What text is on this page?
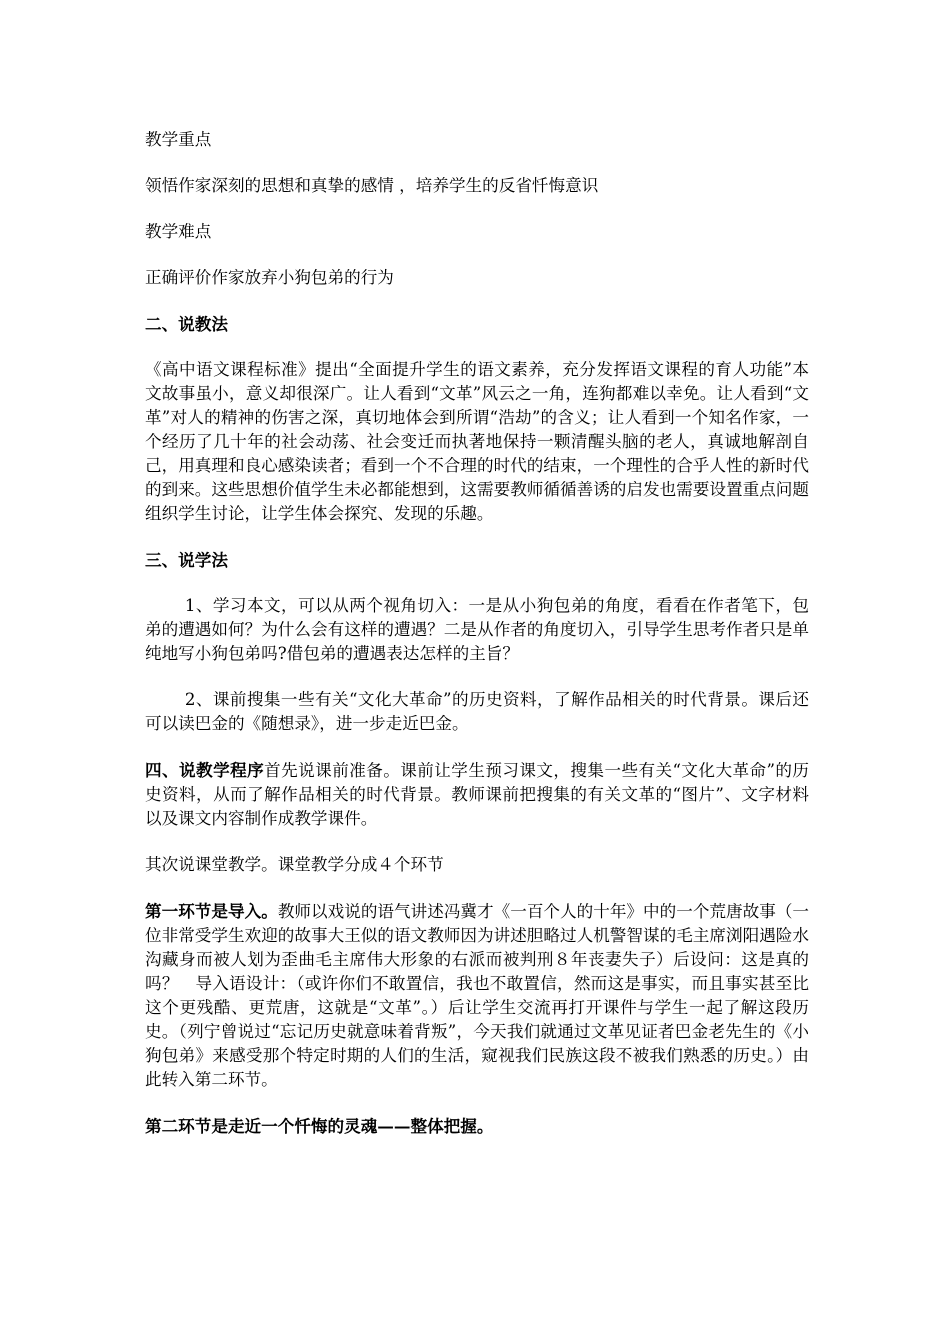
教学重点

领悟作家深刻的思想和真挚的感情 ，培养学生的反省忏悔意识

教学难点

正确评价作家放弃小狗包弟的行为

二、说教法

《高中语文课程标准》提出“全面提升学生的语文素养，充分发挥语文课程的育人功能”本文故事虽小，意义却很深广。让人看到“文革”风云之一角，连狗都难以幸免。让人看到“文革”对人的精神的伤害之深，真切地体会到所谓“浩劫”的含义；让人看到一个知名作家，一个经历了几十年的社会动荡、社会变迁而执著地保持一颗清醒头脑的老人，真诚地解剖自己，用真理和良心感染读者；看到一个不合理的时代的结束，一个理性的合乎人性的新时代的到来。这些思想价值学生未必都能想到，这需要教师循循善诱的启发也需要设置重点问题组织学生讨论，让学生体会探究、发现的乐趣。

三、说学法

1、学习本文，可以从两个视角切入：一是从小狗包弟的角度，看看在作者笔下，包弟的遭遇如何？为什么会有这样的遭遇？二是从作者的角度切入，引导学生思考作者只是单纯地写小狗包弟吗?借包弟的遭遇表达怎样的主旨？

2、课前搜集一些有关“文化大革命”的历史资料，了解作品相关的时代背景。课后还可以读巴金的《随想录》，进一步走近巴金。

四、说教学程序首先说课前准备。课前让学生预习课文，搜集一些有关“文化大革命”的历史资料，从而了解作品相关的时代背景。教师课前把搜集的有关文革的“图片”、文字材料以及课文内容制作成教学课件。

其次说课堂教学。课堂教学分成４个环节

第一环节是导入。教师以戏说的语气讲述冯冀才《一百个人的十年》中的一个荒唐故事（一位非常受学生欢迎的故事大王似的语文教师因为讲述胆略过人机警智谋的毛主席浏阳遇险水沟藏身而被人划为歪曲毛主席伟大形象的右派而被判刑８年丧妻失子）后设问：这是真的吗？　导入语设计：（或许你们不敢置信，我也不敢置信，然而这是事实，而且事实甚至比这个更残酷、更荒唐，这就是“文革”。）后让学生交流再打开课件与学生一起了解这段历史。（列宁曾说过“忘记历史就意味着背叛”，今天我们就通过文革见证者巴金老先生的《小狗包弟》来感受那个特定时期的人们的生活，窥视我们民族这段不被我们熟悉的历史。）由此转入第二环节。

第二环节是走近一个忏悔的灵魂——整体把握。
